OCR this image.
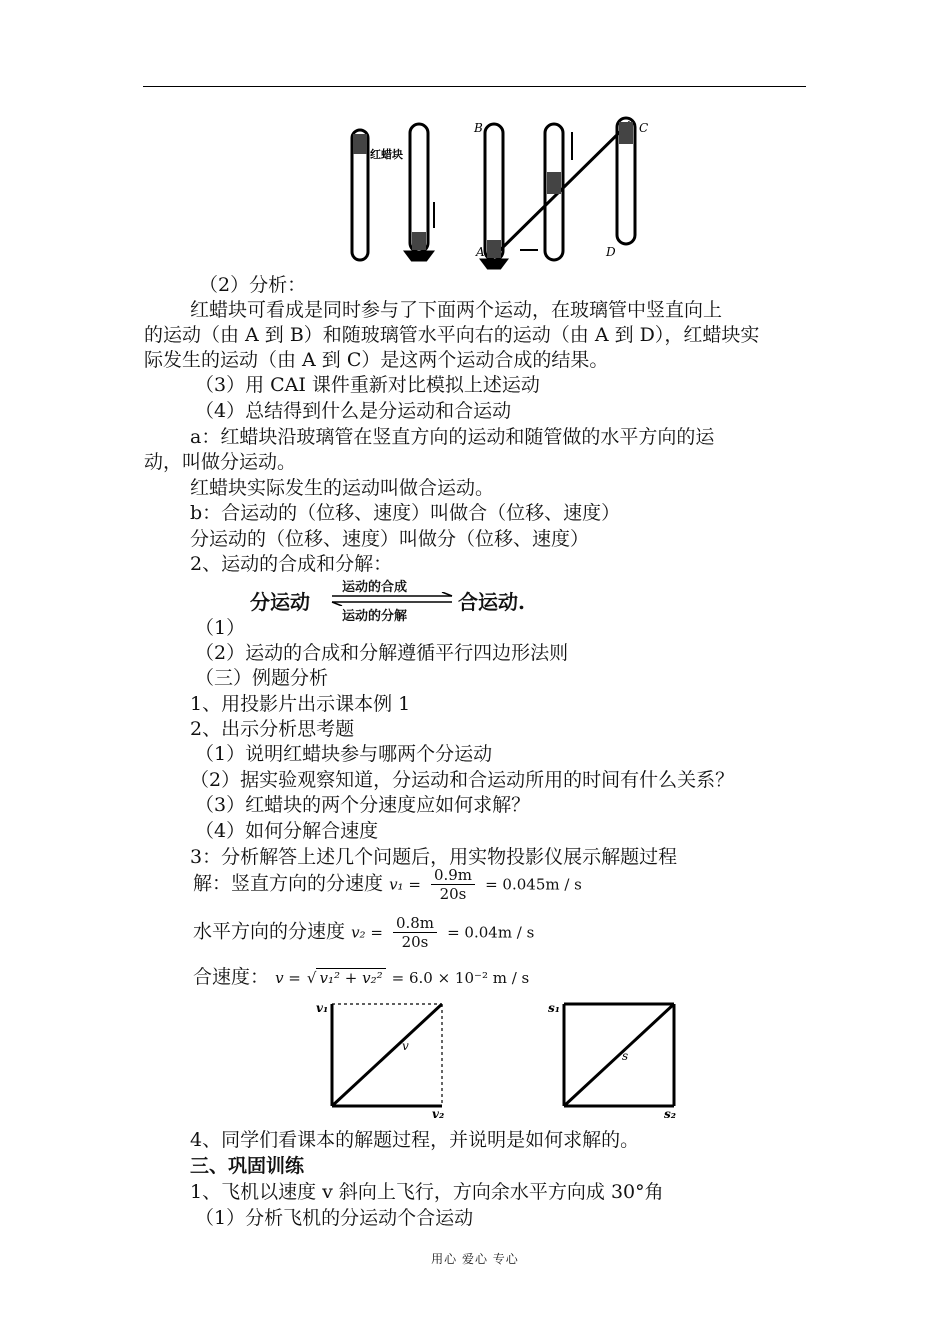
红蜡块
B
A
C
D
（2）分析：
红蜡块可看成是同时参与了下面两个运动，在玻璃管中竖直向上
的运动（由 A 到 B）和随玻璃管水平向右的运动（由 A 到 D），红蜡块实
际发生的运动（由 A 到 C）是这两个运动合成的结果。
（3）用 CAI 课件重新对比模拟上述运动
（4）总结得到什么是分运动和合运动
a：红蜡块沿玻璃管在竖直方向的运动和随管做的水平方向的运
动，叫做分运动。
红蜡块实际发生的运动叫做合运动。
b：合运动的（位移、速度）叫做合（位移、速度）
分运动的（位移、速度）叫做分（位移、速度）
2、运动的合成和分解：
分运动
运动的合成
运动的分解
合运动.
（1）
（2）运动的合成和分解遵循平行四边形法则
（三）例题分析
1、用投影片出示课本例 1
2、出示分析思考题
（1）说明红蜡块参与哪两个分运动
（2）据实验观察知道，分运动和合运动所用的时间有什么关系？
（3）红蜡块的两个分速度应如何求解？
（4）如何分解合速度
3：分析解答上述几个问题后，用实物投影仪展示解题过程
解：竖直方向的分速度 $v_1 = \frac{0.9m}{20s} = 0.045m / s$
水平方向的分速度 $v_2 = \frac{0.8m}{20s} = 0.04m / s$
合速度： v = √ v₁² + v₂² = 6.0 × 10⁻² m / s
v₁
v₂
v
s₁
s₂
s
4、同学们看课本的解题过程，并说明是如何求解的。
三、巩固训练
1、飞机以速度 v 斜向上飞行，方向余水平方向成 30°角
（1）分析飞机的分运动个合运动
用心 爱心 专心
